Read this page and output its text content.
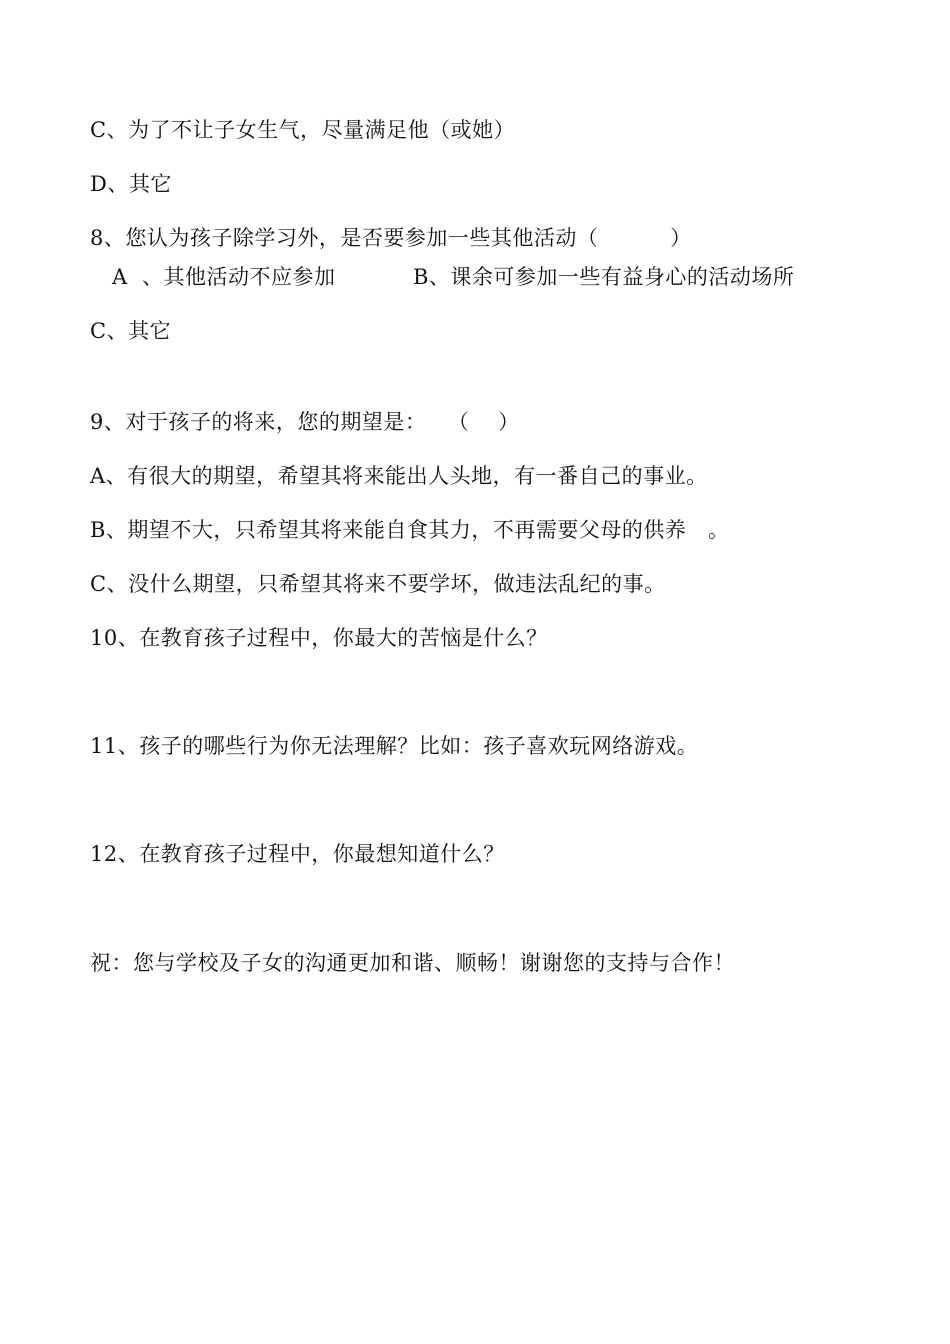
C、为了不让子女生气，尽量满足他（或她）
D、其它
8、您认为孩子除学习外，是否要参加一些其他活动（          ）
A  、其他活动不应参加	B、课余可参加一些有益身心的活动场所
C、其它
9、对于孩子的将来，您的期望是：   （    ）
A、有很大的期望，希望其将来能出人头地，有一番自己的事业。
B、期望不大，只希望其将来能自食其力，不再需要父母的供养   。
C、没什么期望，只希望其将来不要学坏，做违法乱纪的事。
10、在教育孩子过程中，你最大的苦恼是什么？
11、孩子的哪些行为你无法理解？比如：孩子喜欢玩网络游戏。
12、在教育孩子过程中，你最想知道什么？
祝：您与学校及子女的沟通更加和谐、顺畅！谢谢您的支持与合作！
